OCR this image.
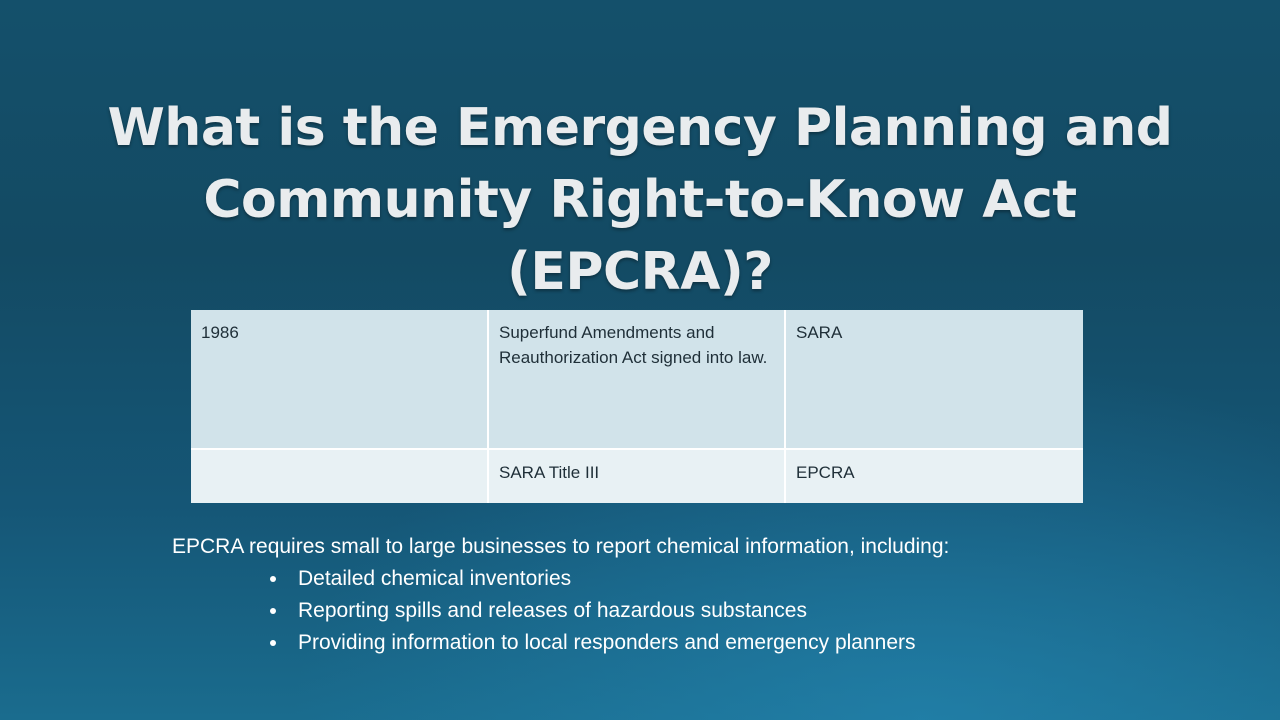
What is the Emergency Planning and
Community Right-to-Know Act
(EPCRA)?
1986	Superfund Amendments and Reauthorization Act signed into law.	SARA
	SARA Title III	EPCRA

EPCRA requires small to large businesses to report chemical information, including:

Detailed chemical inventories
Reporting spills and releases of hazardous substances
Providing information to local responders and emergency planners
